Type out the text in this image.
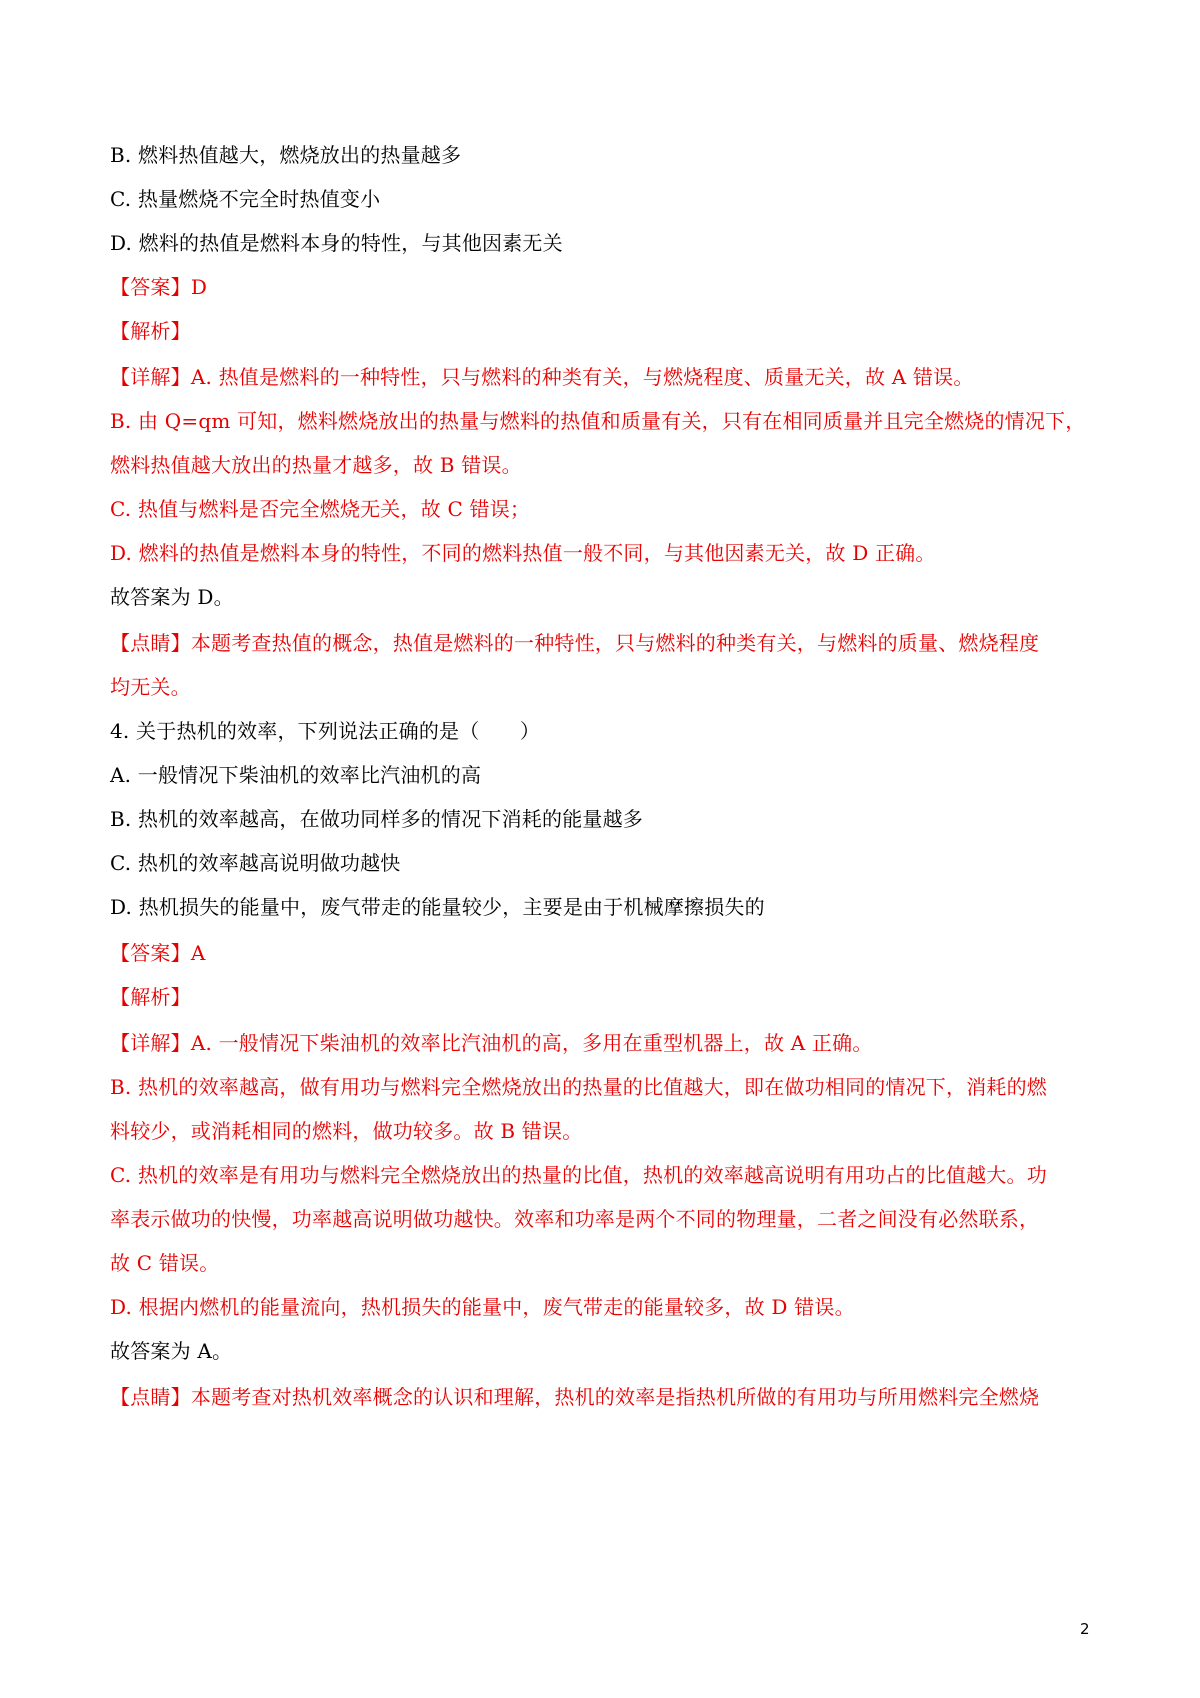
B. 燃料热值越大，燃烧放出的热量越多
C. 热量燃烧不完全时热值变小
D. 燃料的热值是燃料本身的特性，与其他因素无关
【答案】D
【解析】
【详解】A. 热值是燃料的一种特性，只与燃料的种类有关，与燃烧程度、质量无关，故 A 错误。
B. 由 Q=qm 可知，燃料燃烧放出的热量与燃料的热值和质量有关，只有在相同质量并且完全燃烧的情况下，
燃料热值越大放出的热量才越多，故 B 错误。
C. 热值与燃料是否完全燃烧无关，故 C 错误；
D. 燃料的热值是燃料本身的特性，不同的燃料热值一般不同，与其他因素无关，故 D 正确。
故答案为 D。
【点睛】本题考查热值的概念，热值是燃料的一种特性，只与燃料的种类有关，与燃料的质量、燃烧程度
均无关。
4. 关于热机的效率，下列说法正确的是（　　）
A. 一般情况下柴油机的效率比汽油机的高
B. 热机的效率越高，在做功同样多的情况下消耗的能量越多
C. 热机的效率越高说明做功越快
D. 热机损失的能量中，废气带走的能量较少，主要是由于机械摩擦损失的
【答案】A
【解析】
【详解】A. 一般情况下柴油机的效率比汽油机的高，多用在重型机器上，故 A 正确。
B. 热机的效率越高，做有用功与燃料完全燃烧放出的热量的比值越大，即在做功相同的情况下，消耗的燃
料较少，或消耗相同的燃料，做功较多。故 B 错误。
C. 热机的效率是有用功与燃料完全燃烧放出的热量的比值，热机的效率越高说明有用功占的比值越大。功
率表示做功的快慢，功率越高说明做功越快。效率和功率是两个不同的物理量，二者之间没有必然联系，
故 C 错误。
D. 根据内燃机的能量流向，热机损失的能量中，废气带走的能量较多，故 D 错误。
故答案为 A。
【点睛】本题考查对热机效率概念的认识和理解，热机的效率是指热机所做的有用功与所用燃料完全燃烧
2
